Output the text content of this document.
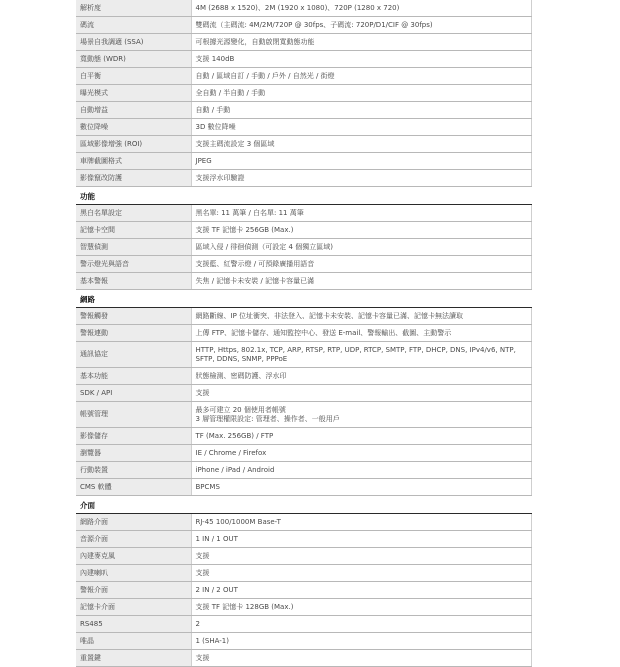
解析度	4M (2688 x 1520)、2M (1920 x 1080)、720P (1280 x 720)
碼流	雙碼流（主碼流: 4M/2M/720P @ 30fps、子碼流: 720P/D1/CIF @ 30fps)
場景自我調適 (SSA)	可根據光源變化，自動啟閉寬動態功能
寬動態 (WDR)	支援 140dB
白平衡	自動 / 區域自訂 / 手動 / 戶外 / 自然光 / 街燈
曝光模式	全自動 / 半自動 / 手動
自動增益	自動 / 手動
數位降噪	3D 數位降噪
區域影像增強 (ROI)	支援主碼流設定 3 個區域
車牌截圖格式	JPEG
影像竄改防護	支援浮水印驗證
功能	
黑白名單設定	黑名單: 11 萬筆 / 白名單: 11 萬筆
記憶卡空間	支援 TF 記憶卡 256GB (Max.)
智慧偵測	區域入侵 / 徘徊偵測（可設定 4 個獨立區域)
警示燈光與語音	支援藍、紅警示燈 / 可預錄廣播用語音
基本警報	失焦 / 記憶卡未安裝 / 記憶卡容量已滿
網路	
警報觸發	網路斷線、IP 位址衝突、非法登入、記憶卡未安裝、記憶卡容量已滿、記憶卡無法讀取
警報連動	上傳 FTP、記憶卡儲存、通知監控中心、發送 E-mail、警報輸出、截圖、主動警示
通訊協定	HTTP, Https, 802.1x, TCP, ARP, RTSP, RTP, UDP, RTCP, SMTP, FTP, DHCP, DNS, IPv4/v6, NTP, SFTP, DDNS, SNMP, PPPoE
基本功能	狀態檢測、密碼防護、浮水印
SDK / API	支援
帳號管理	最多可建立 20 個使用者帳號
3 層管理權限設定: 管理者、操作者、一般用戶
影像儲存	TF (Max. 256GB) / FTP
瀏覽器	IE / Chrome / Firefox
行動裝置	iPhone / iPad / Android
CMS 軟體	BPCMS
介面	
網路介面	RJ-45 100/1000M Base-T
音源介面	1 IN / 1 OUT
內建麥克風	支援
內建喇叭	支援
警報介面	2 IN / 2 OUT
記憶卡介面	支援 TF 記憶卡 128GB (Max.)
RS485	2
唯晶	1 (SHA-1)
重置鍵	支援
